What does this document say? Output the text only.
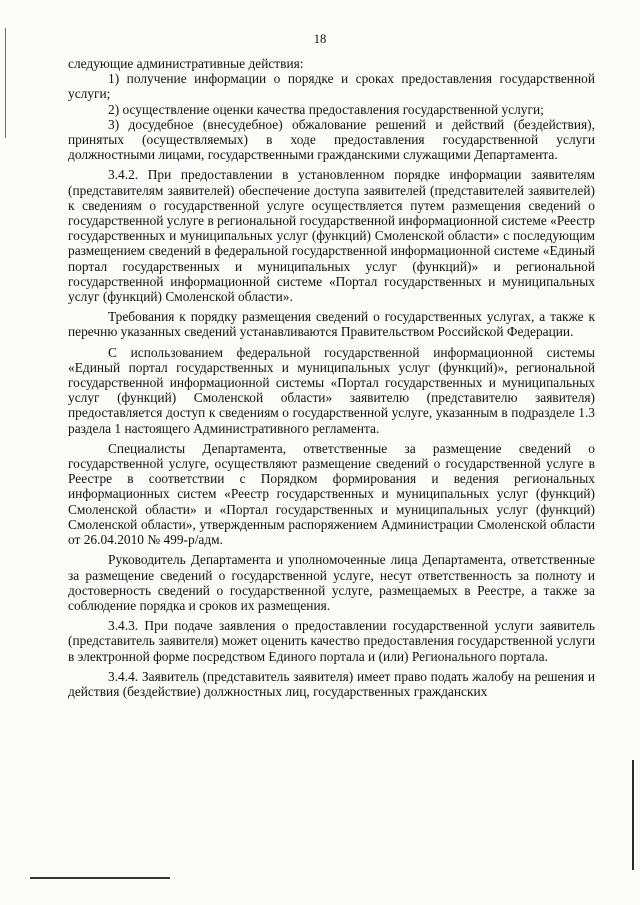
18

следующие административные действия:

1) получение информации о порядке и сроках предоставления государственной услуги;

2) осуществление оценки качества предоставления государственной услуги;

3) досудебное (внесудебное) обжалование решений и действий (бездействия), принятых (осуществляемых) в ходе предоставления государственной услуги должностными лицами, государственными гражданскими служащими Департамента.

3.4.2. При предоставлении в установленном порядке информации заявителям (представителям заявителей) обеспечение доступа заявителей (представителей заявителей) к сведениям о государственной услуге осуществляется путем размещения сведений о государственной услуге в региональной государственной информационной системе «Реестр государственных и муниципальных услуг (функций) Смоленской области» с последующим размещением сведений в федеральной государственной информационной системе «Единый портал государственных и муниципальных услуг (функций)» и региональной государственной информационной системе «Портал государственных и муниципальных услуг (функций) Смоленской области».

Требования к порядку размещения сведений о государственных услугах, а также к перечню указанных сведений устанавливаются Правительством Российской Федерации.

С использованием федеральной государственной информационной системы «Единый портал государственных и муниципальных услуг (функций)», региональной государственной информационной системы «Портал государственных и муниципальных услуг (функций) Смоленской области» заявителю (представителю заявителя) предоставляется доступ к сведениям о государственной услуге, указанным в подразделе 1.3 раздела 1 настоящего Административного регламента.

Специалисты Департамента, ответственные за размещение сведений о государственной услуге, осуществляют размещение сведений о государственной услуге в Реестре в соответствии с Порядком формирования и ведения региональных информационных систем «Реестр государственных и муниципальных услуг (функций) Смоленской области» и «Портал государственных и муниципальных услуг (функций) Смоленской области», утвержденным распоряжением Администрации Смоленской области от 26.04.2010 № 499-р/адм.

Руководитель Департамента и уполномоченные лица Департамента, ответственные за размещение сведений о государственной услуге, несут ответственность за полноту и достоверность сведений о государственной услуге, размещаемых в Реестре, а также за соблюдение порядка и сроков их размещения.

3.4.3. При подаче заявления о предоставлении государственной услуги заявитель (представитель заявителя) может оценить качество предоставления государственной услуги в электронной форме посредством Единого портала и (или) Регионального портала.

3.4.4. Заявитель (представитель заявителя) имеет право подать жалобу на решения и действия (бездействие) должностных лиц, государственных гражданских
